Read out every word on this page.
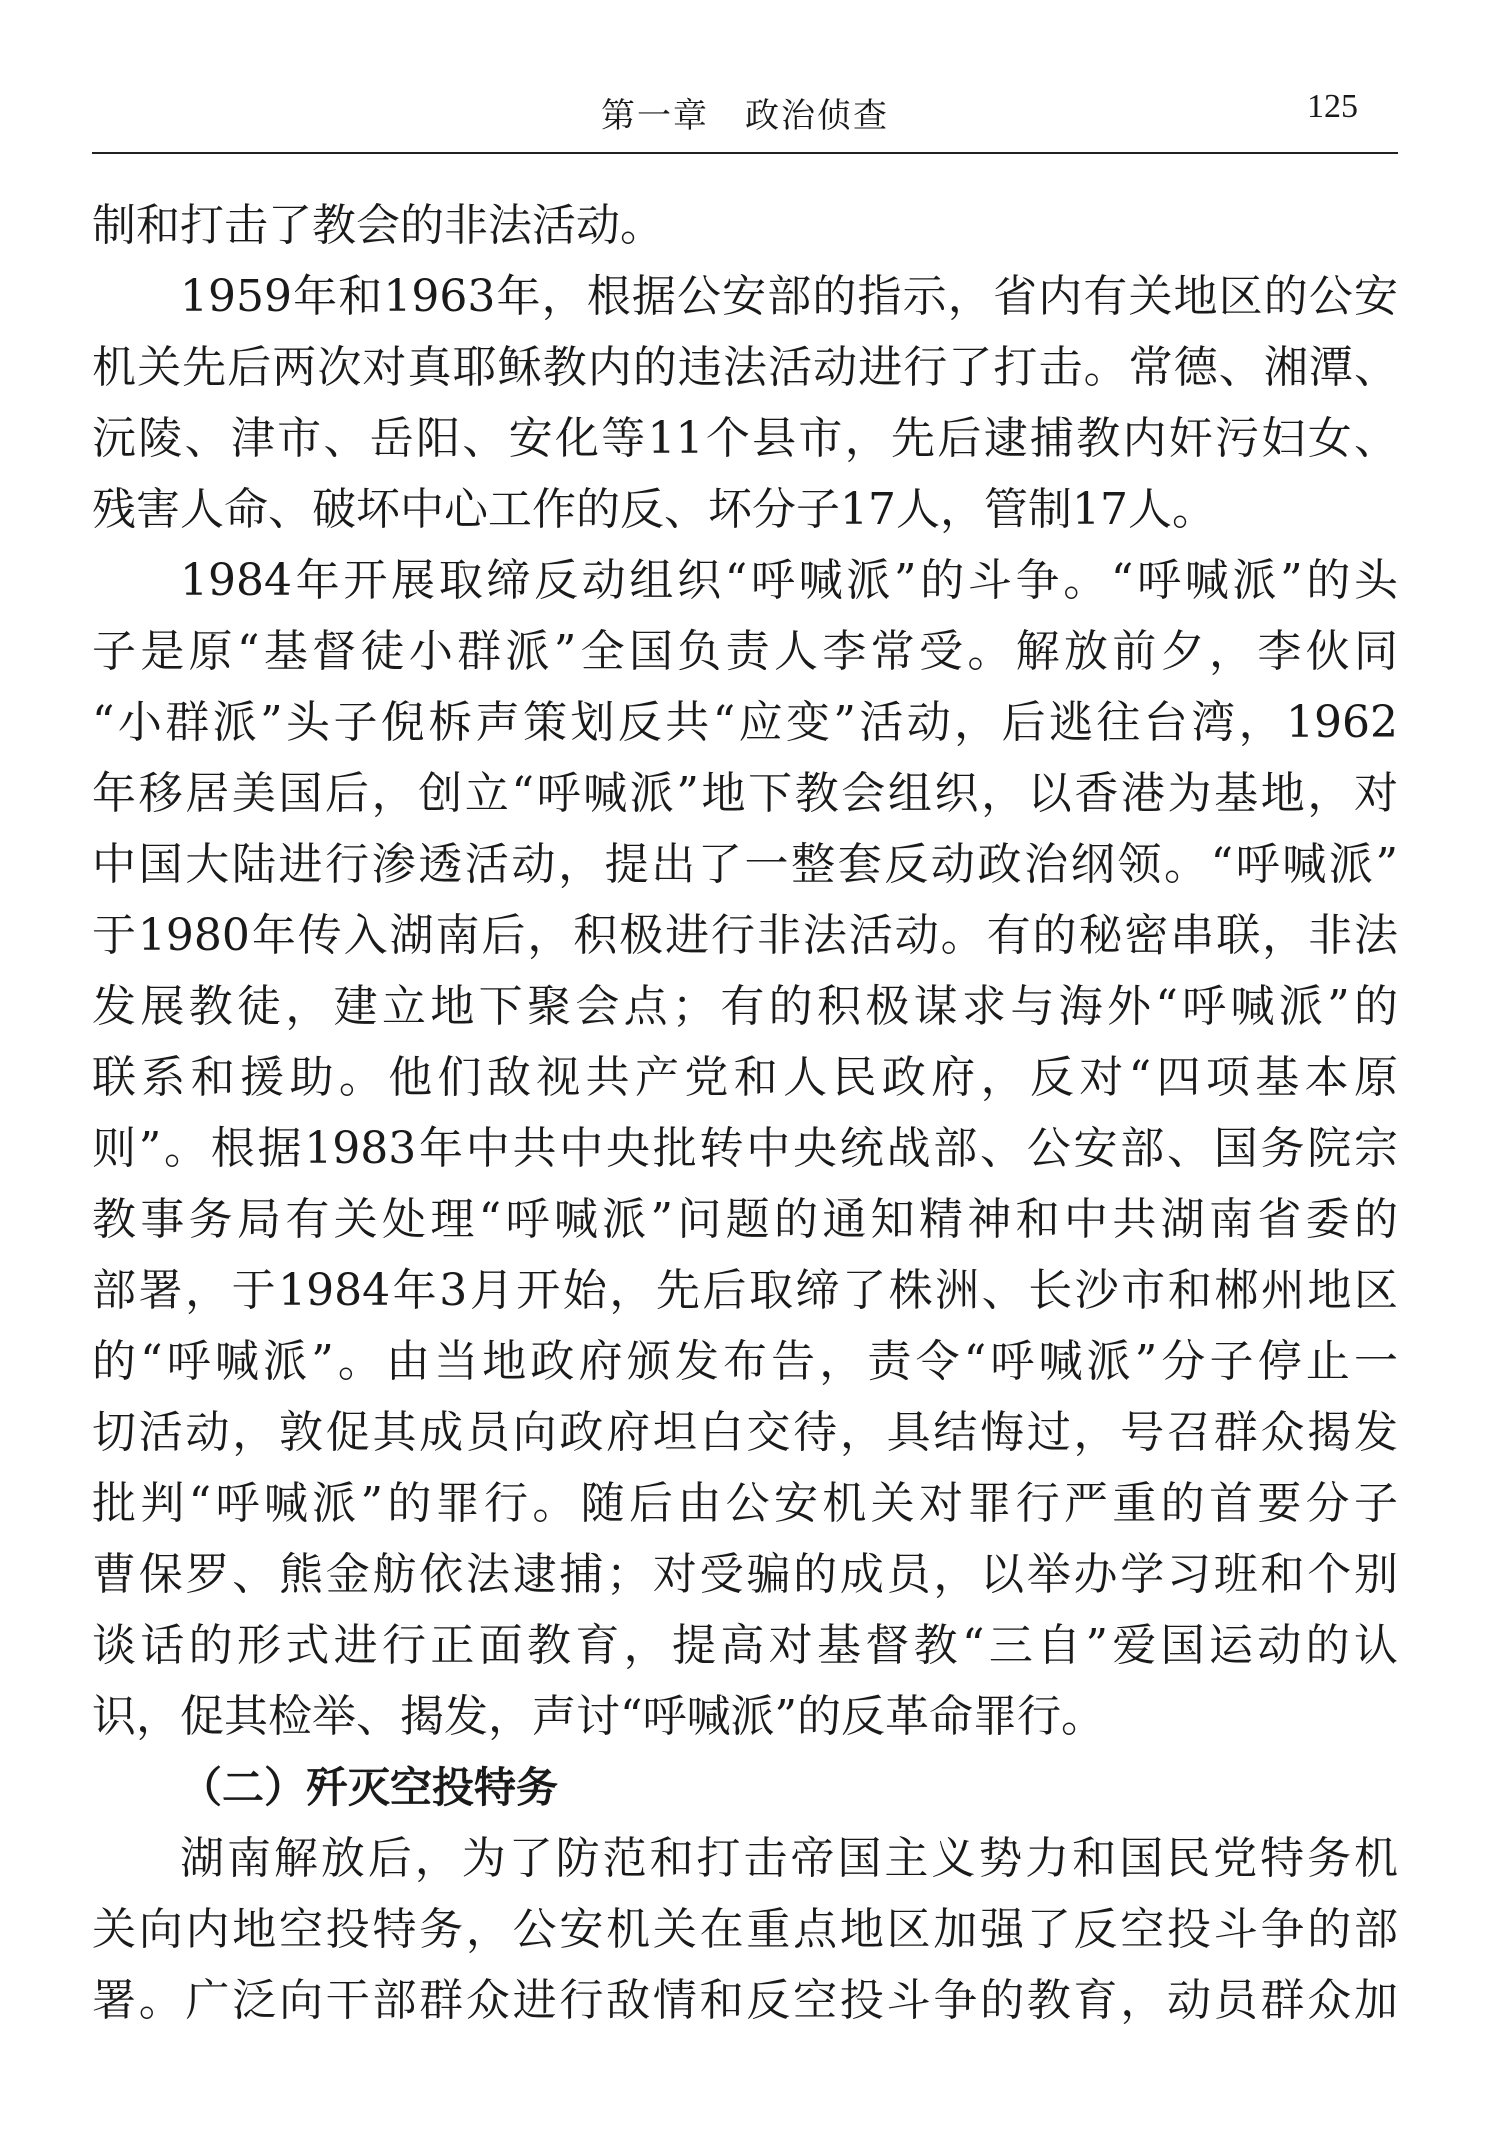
第一章　政治侦查	125
制和打击了教会的非法活动。
1959年和1963年，根据公安部的指示，省内有关地区的公安
机关先后两次对真耶稣教内的违法活动进行了打击。常德、湘潭、
沅陵、津市、岳阳、安化等11个县市，先后逮捕教内奸污妇女、
残害人命、破坏中心工作的反、坏分子17人，管制17人。
1984年开展取缔反动组织“呼喊派”的斗争。“呼喊派”的头
子是原“基督徒小群派”全国负责人李常受。解放前夕，李伙同
“小群派”头子倪柝声策划反共“应变”活动，后逃往台湾，1962
年移居美国后，创立“呼喊派”地下教会组织，以香港为基地，对
中国大陆进行渗透活动，提出了一整套反动政治纲领。“呼喊派”
于1980年传入湖南后，积极进行非法活动。有的秘密串联，非法
发展教徒，建立地下聚会点；有的积极谋求与海外“呼喊派”的
联系和援助。他们敌视共产党和人民政府，反对“四项基本原
则”。根据1983年中共中央批转中央统战部、公安部、国务院宗
教事务局有关处理“呼喊派”问题的通知精神和中共湖南省委的
部署，于1984年3月开始，先后取缔了株洲、长沙市和郴州地区
的“呼喊派”。由当地政府颁发布告，责令“呼喊派”分子停止一
切活动，敦促其成员向政府坦白交待，具结悔过，号召群众揭发
批判“呼喊派”的罪行。随后由公安机关对罪行严重的首要分子
曹保罗、熊金舫依法逮捕；对受骗的成员，以举办学习班和个别
谈话的形式进行正面教育，提高对基督教“三自”爱国运动的认
识，促其检举、揭发，声讨“呼喊派”的反革命罪行。
（二）歼灭空投特务
湖南解放后，为了防范和打击帝国主义势力和国民党特务机
关向内地空投特务，公安机关在重点地区加强了反空投斗争的部
署。广泛向干部群众进行敌情和反空投斗争的教育，动员群众加
